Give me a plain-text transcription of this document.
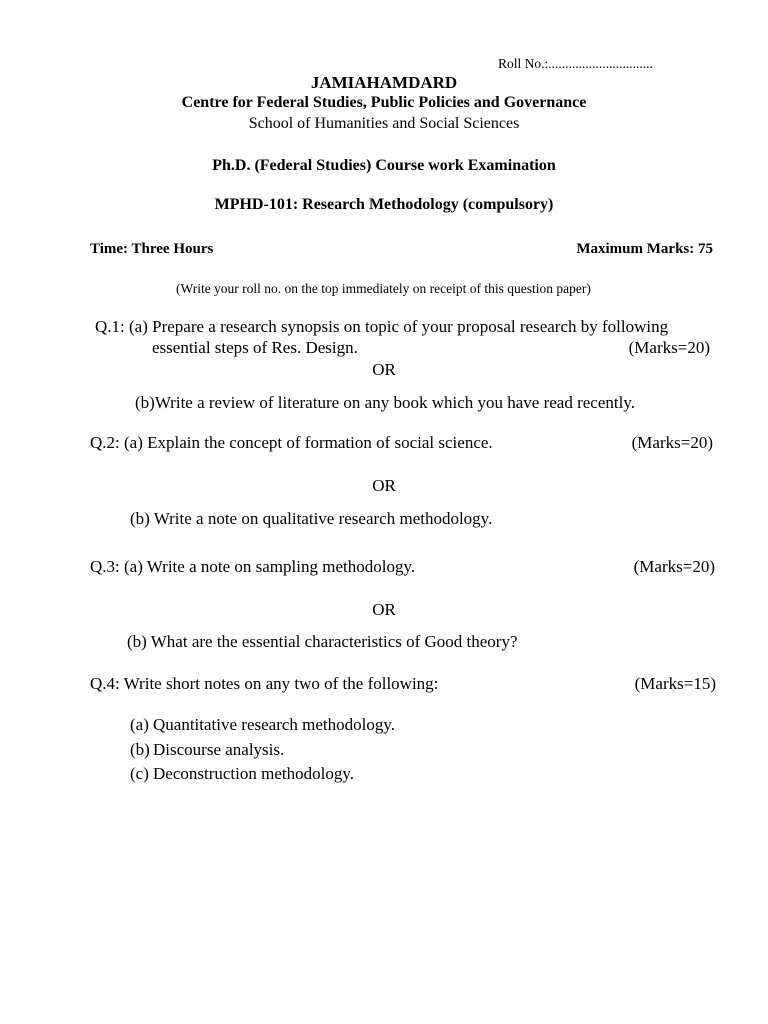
Roll No.:...............................
JAMIAHAMDARD
Centre for Federal Studies, Public Policies and Governance
School of Humanities and Social Sciences
Ph.D. (Federal Studies) Course work Examination
MPHD-101: Research Methodology (compulsory)
Time: Three Hours	Maximum Marks: 75
(Write your roll no. on the top immediately on receipt of this question paper)
Q.1: (a) Prepare a research synopsis on topic of your proposal research by following
essential steps of Res. Design.	(Marks=20)
OR
(b)Write a review of literature on any book which you have read recently.
Q.2: (a) Explain the concept of formation of social science.	(Marks=20)
OR
(b) Write a note on qualitative research methodology.
Q.3: (a) Write a note on sampling methodology.	(Marks=20)
OR
(b) What are the essential characteristics of Good theory?
Q.4: Write short notes on any two of the following:	(Marks=15)
(a) Quantitative research methodology.
(b) Discourse analysis.
(c) Deconstruction methodology.
